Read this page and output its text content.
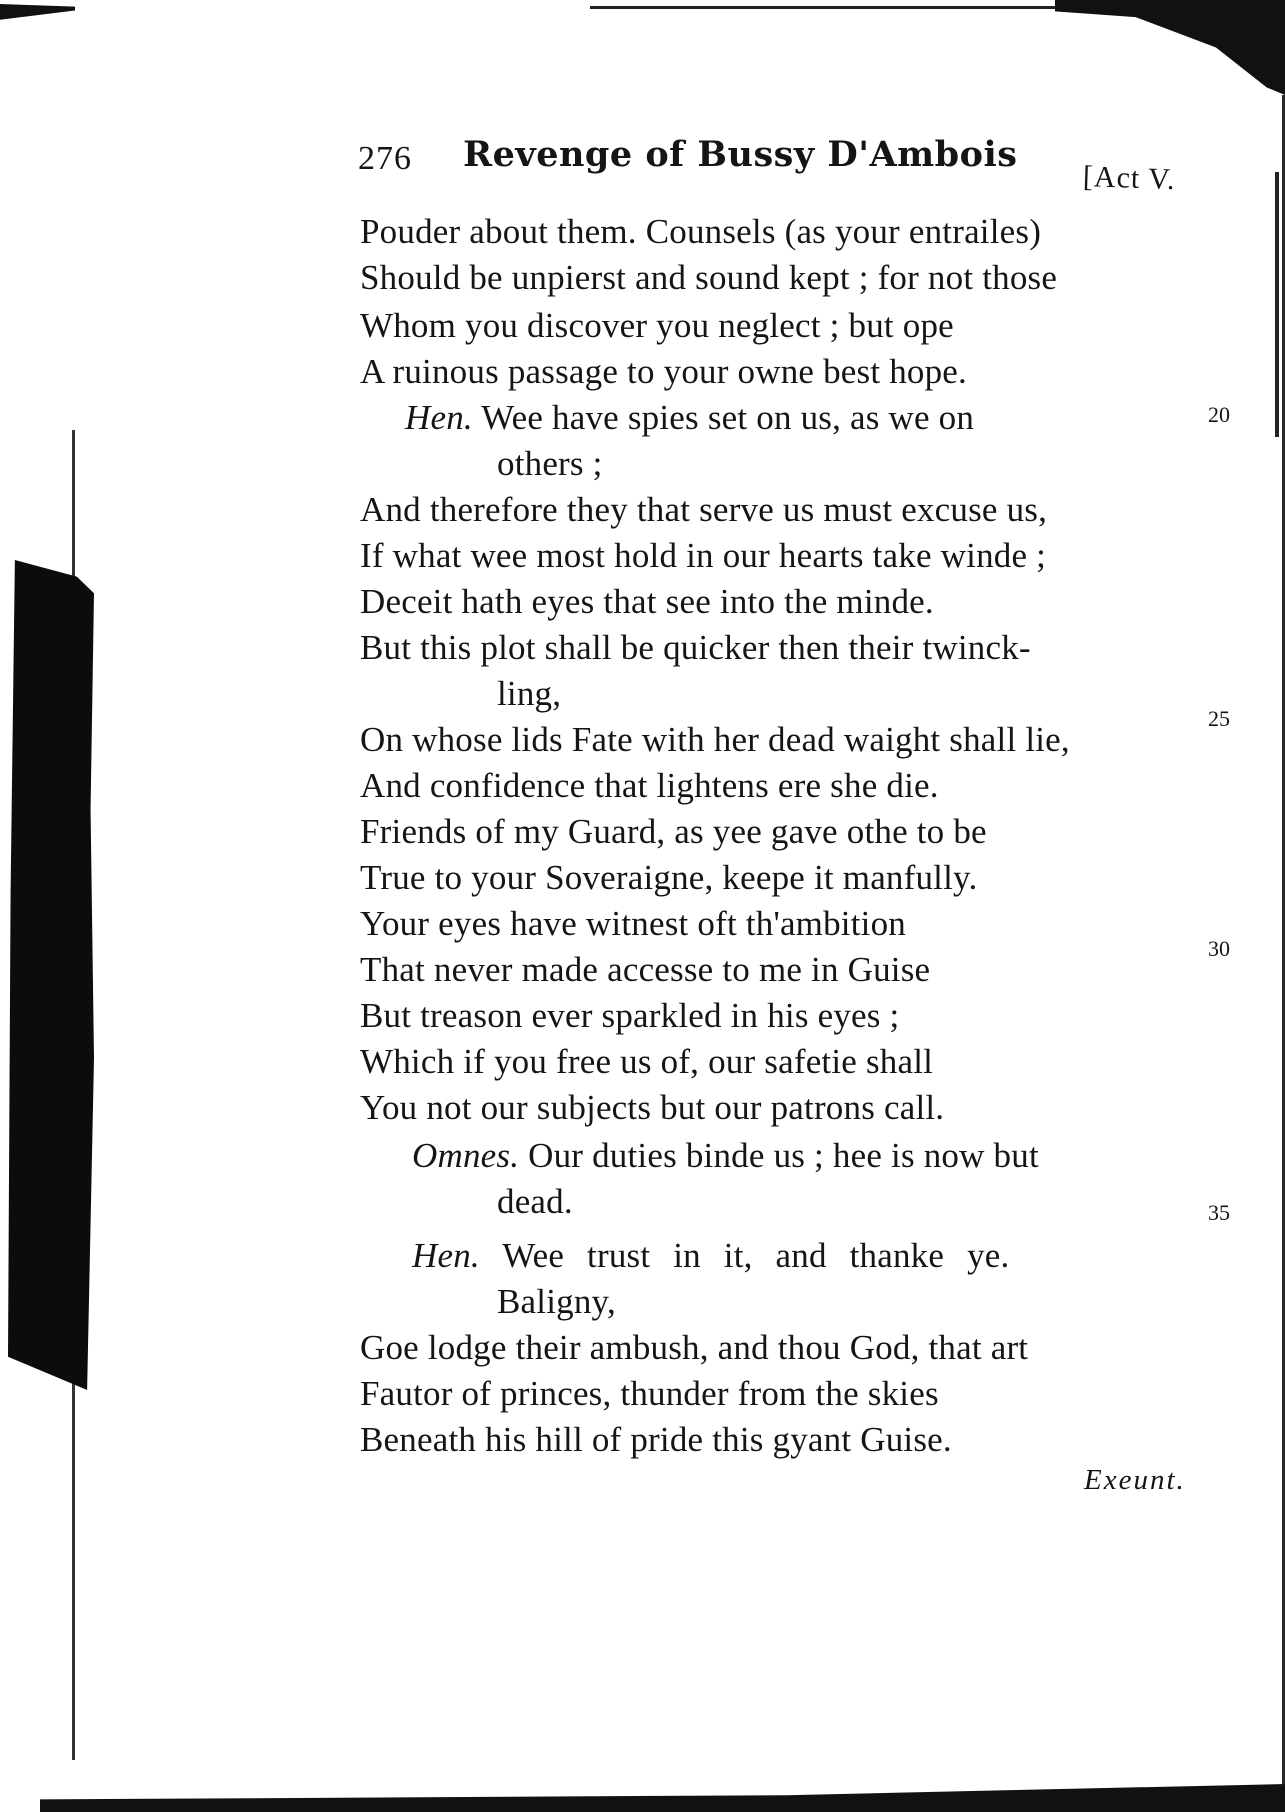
276 Revenge of Bussy D'Ambois
[Act V.
Pouder about them. Counsels (as your entrailes)
Should be unpierst and sound kept ; for not those
Whom you discover you neglect ; but ope
A ruinous passage to your owne best hope.
Hen. Wee have spies set on us, as we on
others ;
And therefore they that serve us must excuse us,
If what wee most hold in our hearts take winde ;
Deceit hath eyes that see into the minde.
But this plot shall be quicker then their twinck-
ling,
On whose lids Fate with her dead waight shall lie,
And confidence that lightens ere she die.
Friends of my Guard, as yee gave othe to be
True to your Soveraigne, keepe it manfully.
Your eyes have witnest oft th'ambition
That never made accesse to me in Guise
But treason ever sparkled in his eyes ;
Which if you free us of, our safetie shall
You not our subjects but our patrons call.
Omnes. Our duties binde us ; hee is now but
dead.
Hen. Wee trust in it, and thanke ye.
Baligny,
Goe lodge their ambush, and thou God, that art
Fautor of princes, thunder from the skies
Beneath his hill of pride this gyant Guise.
Exeunt.
20
25
30
35
